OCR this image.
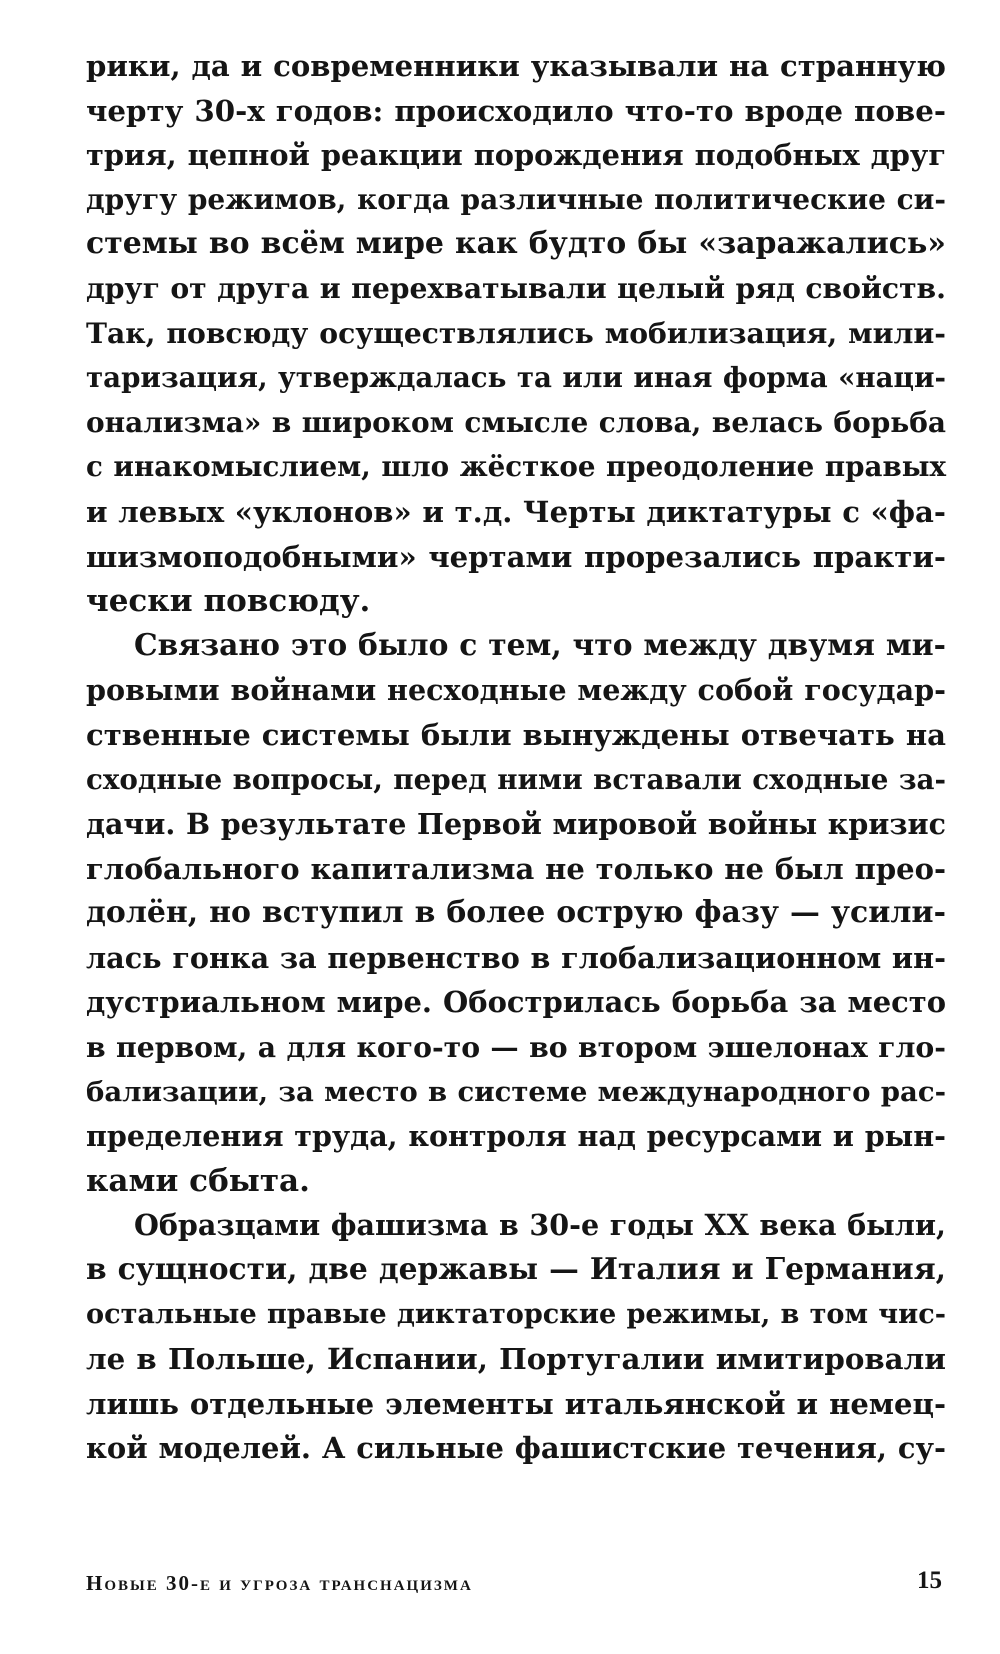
рики, да и современники указывали на странную
черту 30-х годов: происходило что-то вроде пове-
трия, цепной реакции порождения подобных друг
другу режимов, когда различные политические си-
стемы во всём мире как будто бы «заражались»
друг от друга и перехватывали целый ряд свойств.
Так, повсюду осуществлялись мобилизация, мили-
таризация, утверждалась та или иная форма «наци-
онализма» в широком смысле слова, велась борьба
с инакомыслием, шло жёсткое преодоление правых
и левых «уклонов» и т.д. Черты диктатуры с «фа-
шизмоподобными» чертами прорезались практи-
чески повсюду.
Связано это было с тем, что между двумя ми-
ровыми войнами несходные между собой государ-
ственные системы были вынуждены отвечать на
сходные вопросы, перед ними вставали сходные за-
дачи. В результате Первой мировой войны кризис
глобального капитализма не только не был прео-
долён, но вступил в более острую фазу — усили-
лась гонка за первенство в глобализационном ин-
дустриальном мире. Обострилась борьба за место
в первом, а для кого-то — во втором эшелонах гло-
бализации, за место в системе международного рас-
пределения труда, контроля над ресурсами и рын-
ками сбыта.
Образцами фашизма в 30-е годы XX века были,
в сущности, две державы — Италия и Германия,
остальные правые диктаторские режимы, в том чис-
ле в Польше, Испании, Португалии имитировали
лишь отдельные элементы итальянской и немец-
кой моделей. А сильные фашистские течения, су-
Новые 30-е и угроза транснацизма	15
